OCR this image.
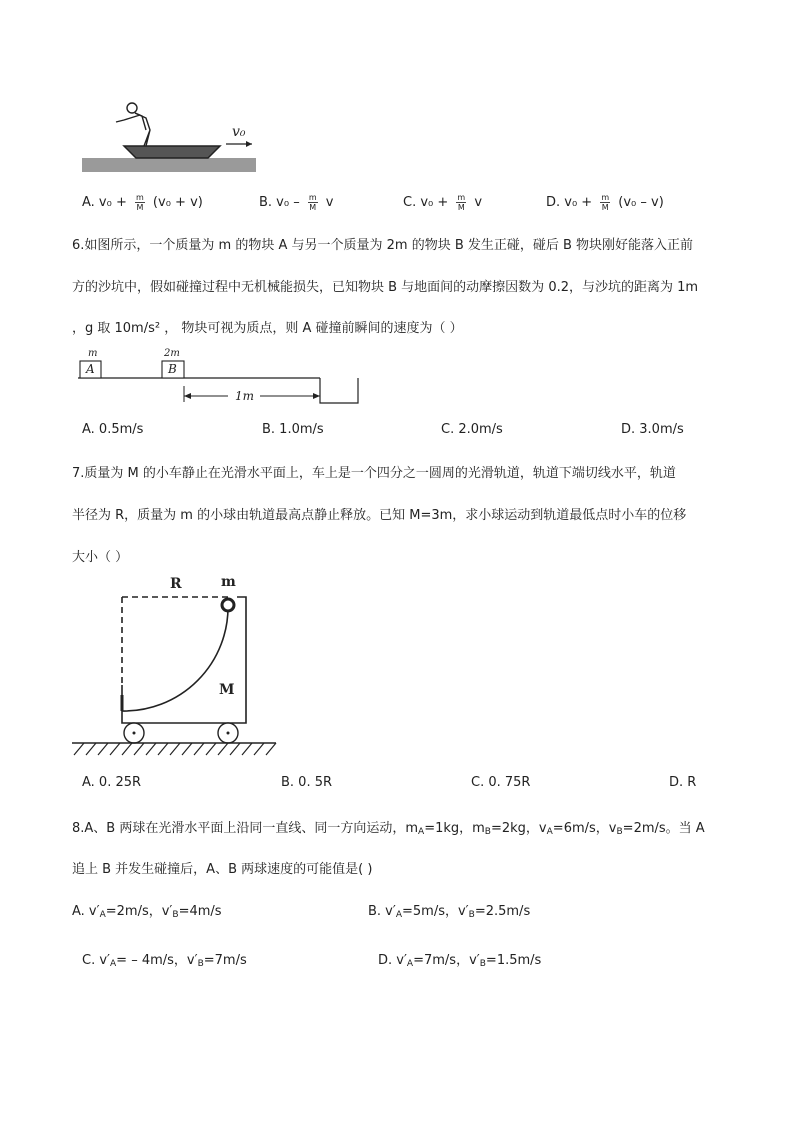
v₀
A. $v_0 + \frac{m}{M} (v_0 + v)$	B. $v_0 - \frac{m}{M}$ v	C. $v_0 + \frac{m}{M}$ v	D. $v_0 + \frac{m}{M} (v_0 - v)$
6.如图所示，一个质量为 m 的物块 A 与另一个质量为 2m 的物块 B 发生正碰，碰后 B 物块刚好能落入正前
方的沙坑中，假如碰撞过程中无机械能损失，已知物块 B 与地面间的动摩擦因数为 0.2，与沙坑的距离为 1m
，g 取 10m/s² ， 物块可视为质点，则 A 碰撞前瞬间的速度为（ ）
m
A
2m
B
1m
A. 0.5m/s	B. 1.0m/s	C. 2.0m/s	D. 3.0m/s
7.质量为 M 的小车静止在光滑水平面上，车上是一个四分之一圆周的光滑轨道，轨道下端切线水平，轨道
半径为 R，质量为 m 的小球由轨道最高点静止释放。已知 M=3m，求小球运动到轨道最低点时小车的位移
大小（ ）
R	m
M
A. 0. 25R	B. 0. 5R	C. 0. 75R	D. R
8.A、B 两球在光滑水平面上沿同一直线、同一方向运动，$m_A=1kg$，$m_B=2kg$，$v_A=6m/s$，$v_B=2m/s$。当 A
追上 B 并发生碰撞后，A、B 两球速度的可能值是( )
A. $v'_A=2m/s$，$v'_B=4m/s$	B. $v'_A=5m/s$，$v'_B=2.5m/s$
C. $v'_A= - 4m/s$，$v'_B=7m/s$	D. $v'_A=7m/s$，$v'_B=1.5m/s$
